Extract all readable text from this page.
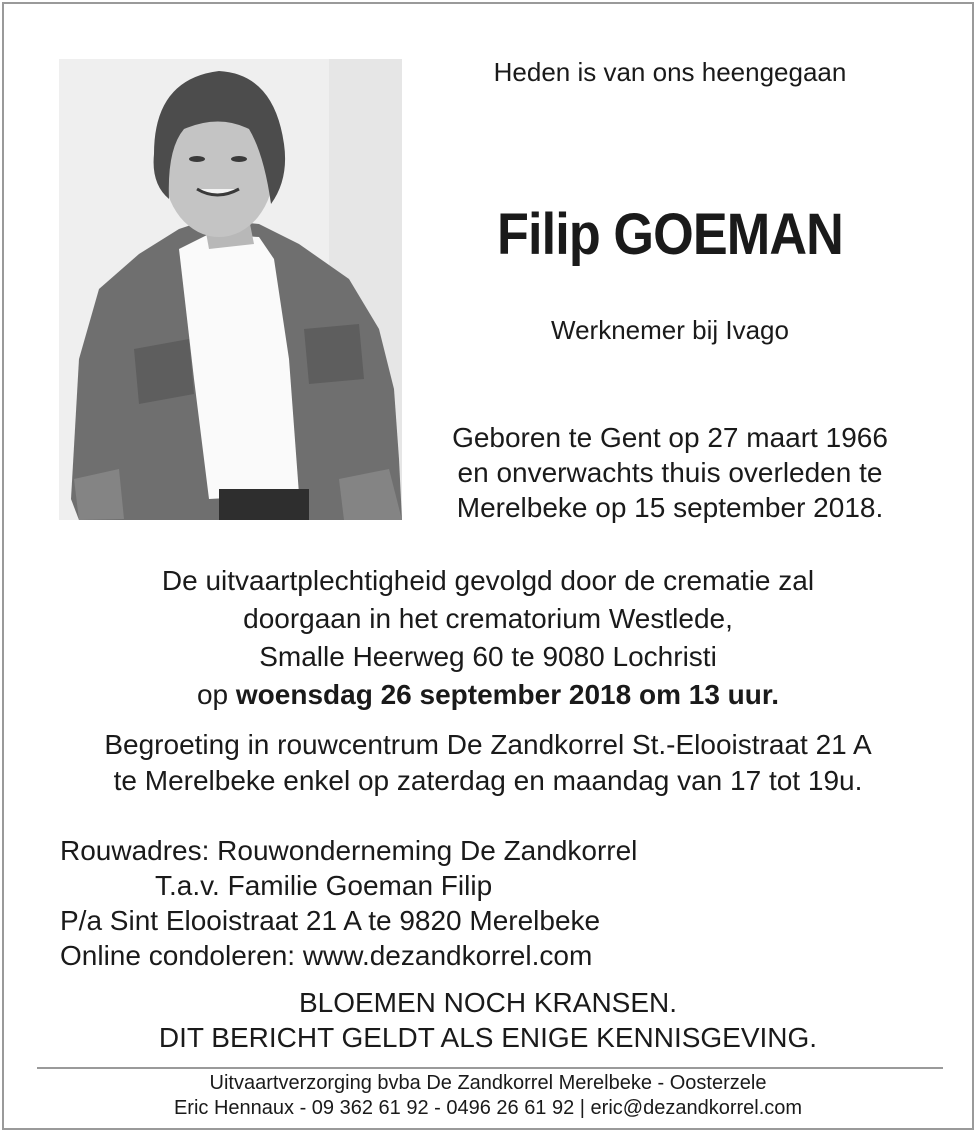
Heden is van ons heengegaan

Filip GOEMAN

Werknemer bij Ivago

Geboren te Gent op 27 maart 1966
en onverwachts thuis overleden te
Merelbeke op 15 september 2018.
De uitvaartplechtigheid gevolgd door de crematie zal
doorgaan in het crematorium Westlede,
Smalle Heerweg 60 te 9080 Lochristi
op woensdag 26 september 2018 om 13 uur.
Begroeting in rouwcentrum De Zandkorrel St.-Elooistraat 21 A
te Merelbeke enkel op zaterdag en maandag van 17 tot 19u.
Rouwadres: Rouwonderneming De Zandkorrel
T.a.v. Familie Goeman Filip
P/a Sint Elooistraat 21 A te 9820 Merelbeke
Online condoleren: www.dezandkorrel.com
BLOEMEN NOCH KRANSEN.
DIT BERICHT GELDT ALS ENIGE KENNISGEVING.
Uitvaartverzorging bvba De Zandkorrel Merelbeke - Oosterzele
Eric Hennaux - 09 362 61 92 - 0496 26 61 92 | eric@dezandkorrel.com
